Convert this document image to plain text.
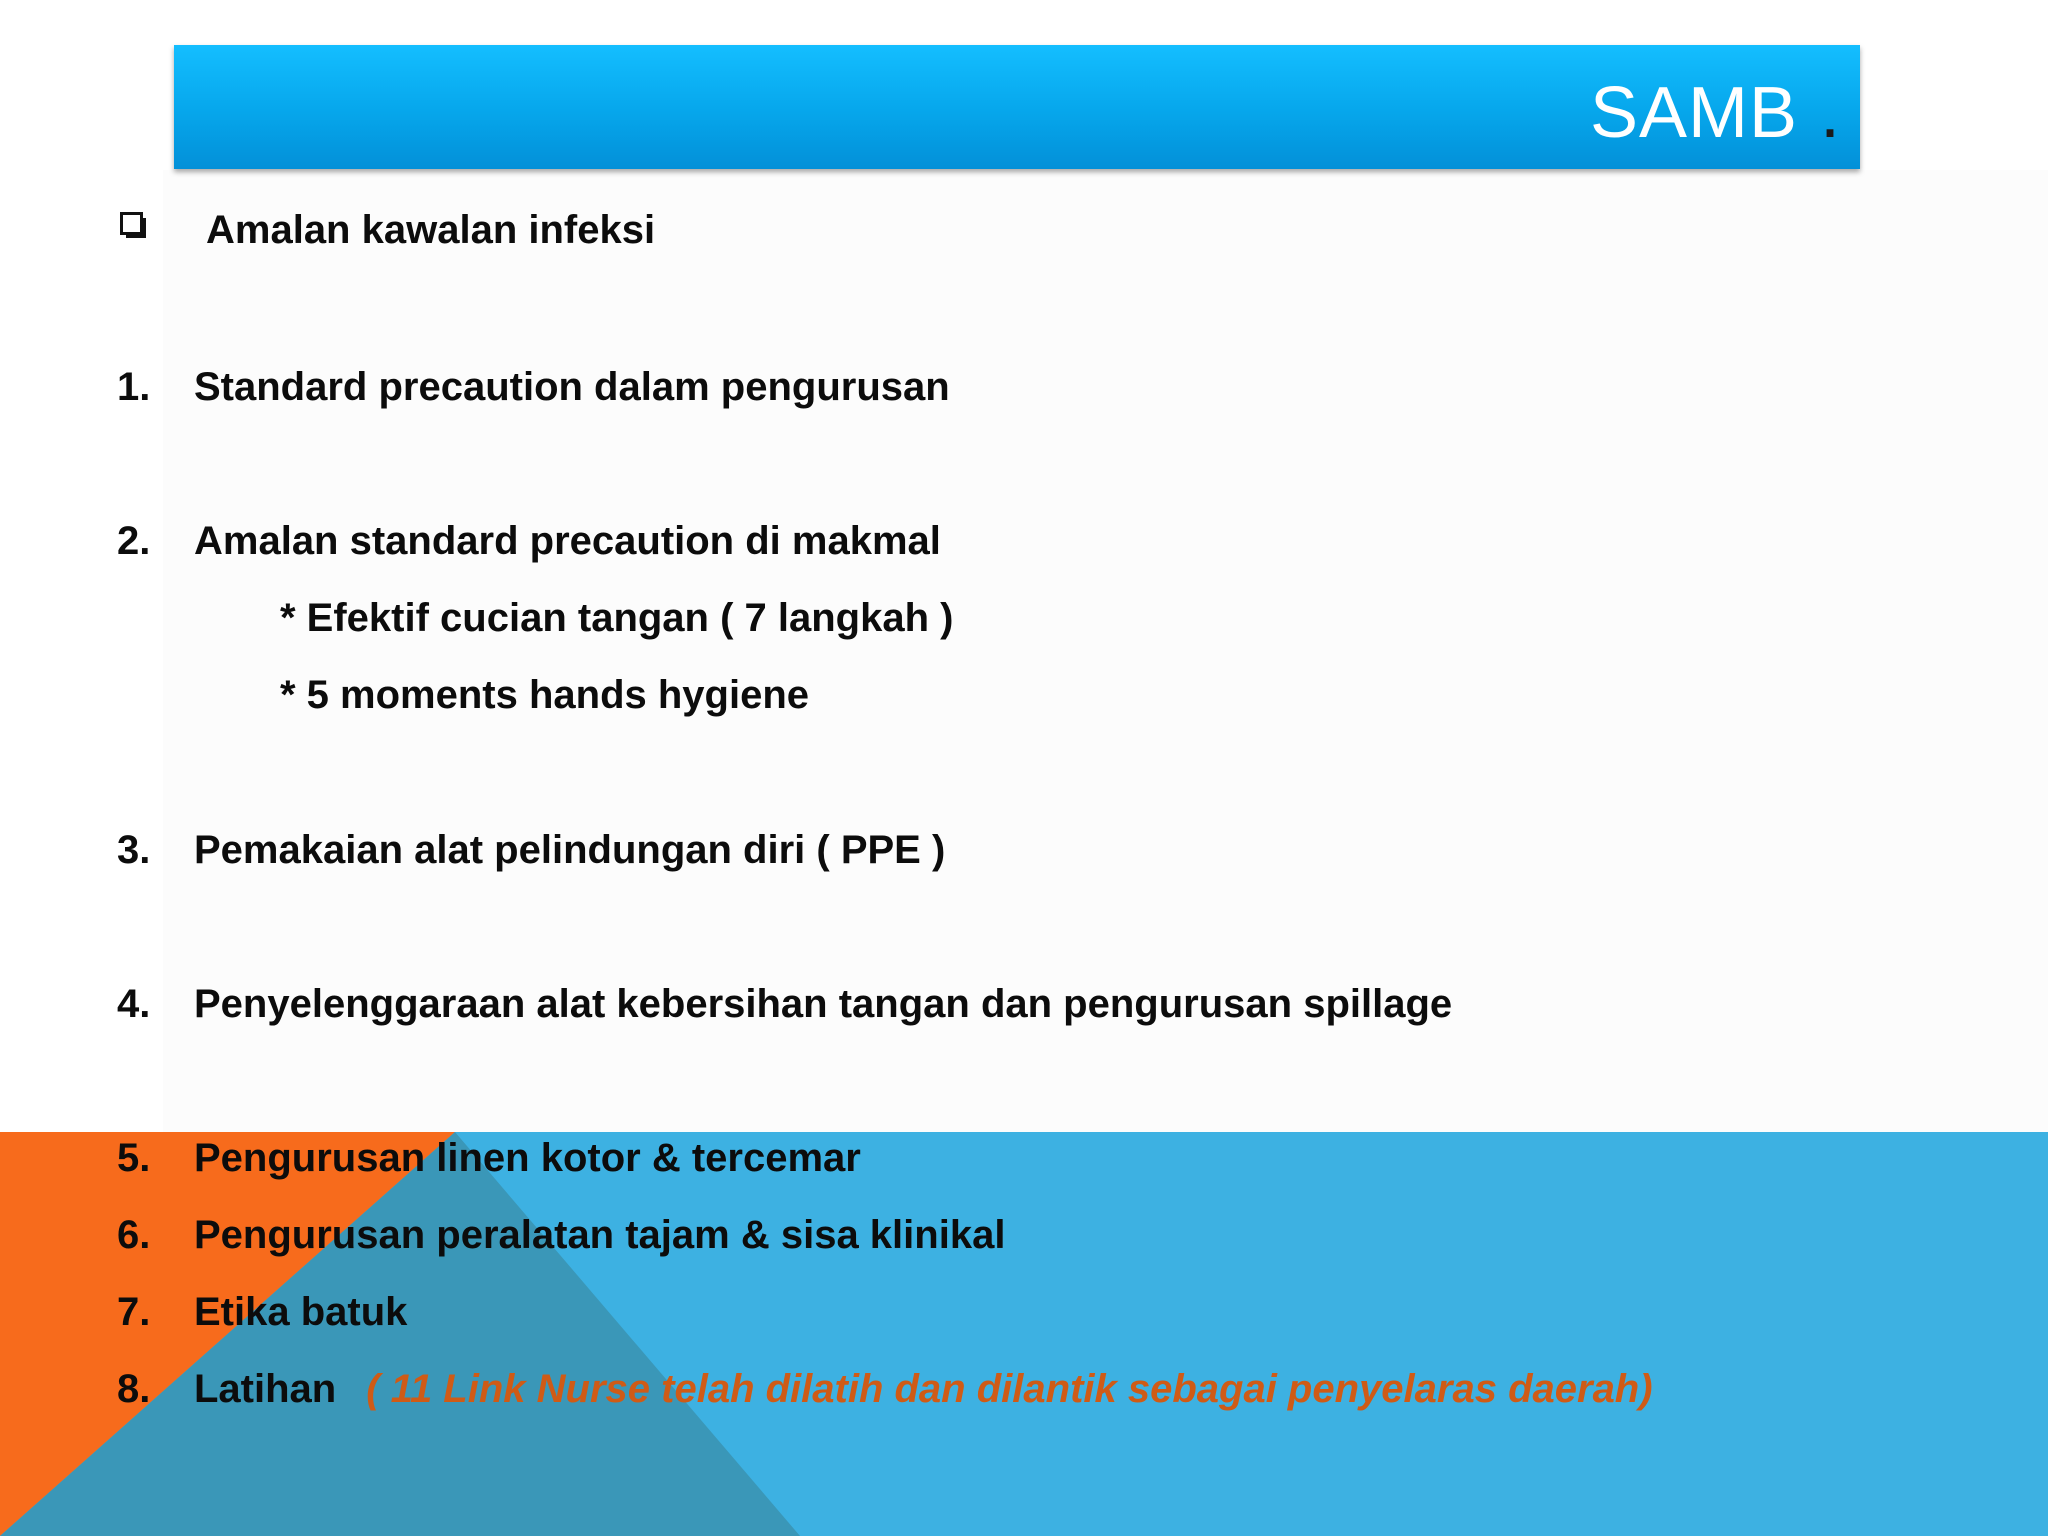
SAMB .
Amalan kawalan infeksi
1. Standard precaution dalam pengurusan
2. Amalan standard precaution di makmal
* Efektif cucian tangan ( 7 langkah )
* 5 moments hands hygiene
3. Pemakaian alat pelindungan diri ( PPE )
4. Penyelenggaraan alat kebersihan tangan dan pengurusan spillage
5. Pengurusan linen kotor & tercemar
6. Pengurusan peralatan tajam & sisa klinikal
7. Etika batuk
8. Latihan ( 11 Link Nurse telah dilatih dan dilantik sebagai penyelaras daerah)
